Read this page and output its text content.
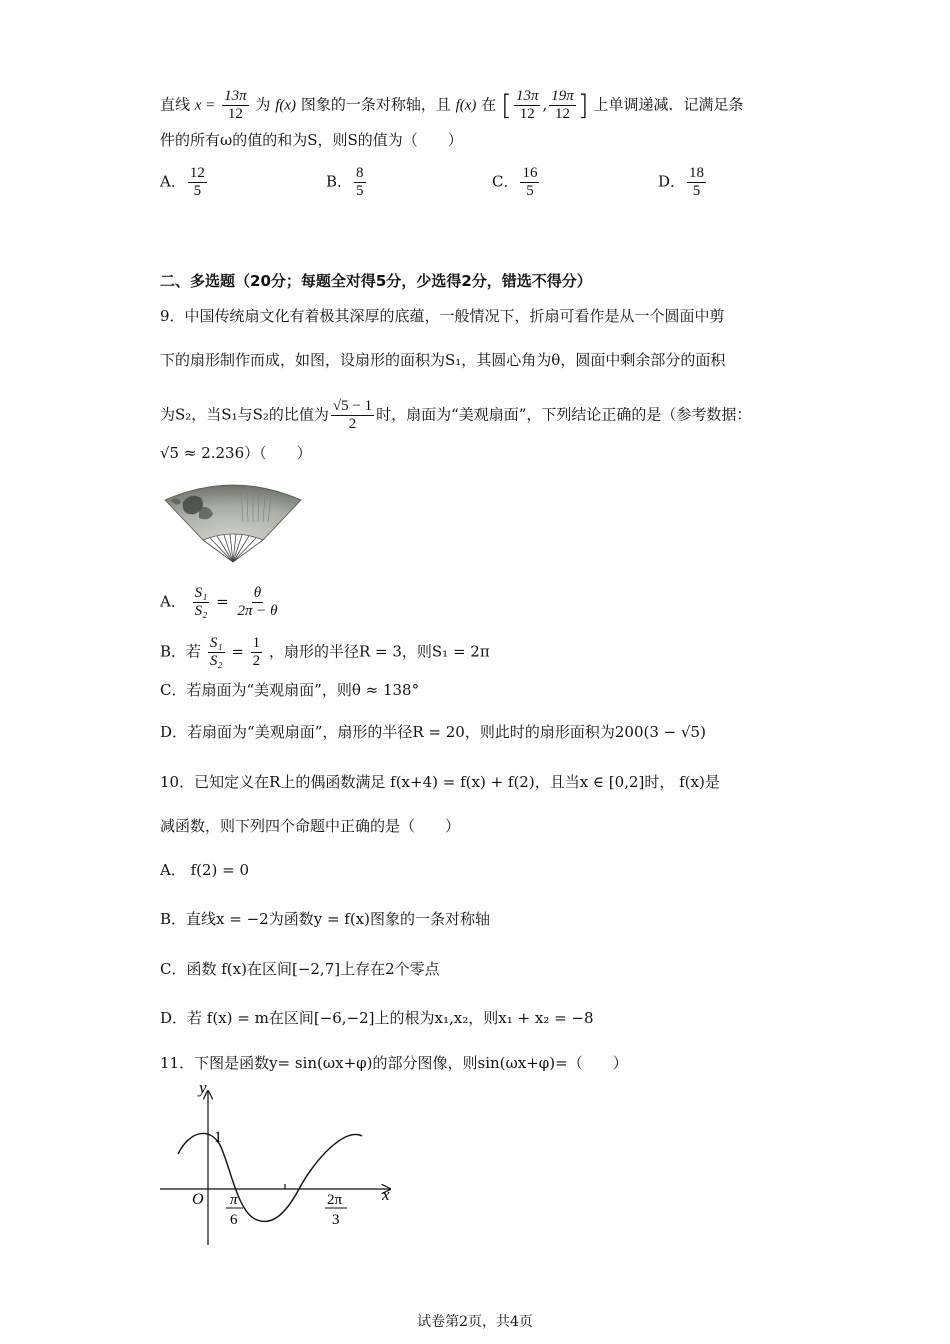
直线 $x = \frac{13\pi}{12}$ 为 f(x) 图象的一条对称轴，且 f(x) 在 [ $\frac{13\pi}{12}$ , $\frac{19\pi}{12}$ ] 上单调递减．记满足条
件的所有ω的值的和为S，则S的值为（　　）
A． $\frac{12}{5}$	B． $\frac{8}{5}$	C． $\frac{16}{5}$	D． $\frac{18}{5}$
二、多选题（20分；每题全对得5分，少选得2分，错选不得分）
9．中国传统扇文化有着极其深厚的底蕴，一般情况下，折扇可看作是从一个圆面中剪
下的扇形制作而成，如图，设扇形的面积为S₁，其圆心角为θ，圆面中剩余部分的面积
为S₂，当S₁与S₂的比值为 $\frac{√5 - 1}{2}$ 时，扇面为“美观扇面”，下列结论正确的是（参考数据：
√5 ≈ 2.236）（　　）
A． $\frac{\text{S₁}}{\text{S₂}} = \frac{\theta}{2\pi - \theta}$
B．若 $\frac{\text{S₁}}{\text{S₂}} = \frac{1}{2}$ ，扇形的半径R = 3，则S₁ = 2π
C．若扇面为“美观扇面”，则θ ≈ 138°
D．若扇面为“美观扇面”，扇形的半径R = 20，则此时的扇形面积为200(3 − √5)
10．已知定义在R上的偶函数满足 f(x+4) = f(x) + f(2)，且当x ∈ [0,2]时， f(x)是
减函数，则下列四个命题中正确的是（　　）
A． f(2) = 0
B．直线x = −2为函数y = f(x)图象的一条对称轴
C．函数 f(x)在区间[−2,7]上存在2个零点
D．若 f(x) = m在区间[−6,−2]上的根为x₁,x₂，则x₁ + x₂ = −8
11．下图是函数y= sin(ωx+φ)的部分图像，则sin(ωx+φ)=（　　）
y
x
O
1
π
6
2π
3
试卷第2页，共4页
